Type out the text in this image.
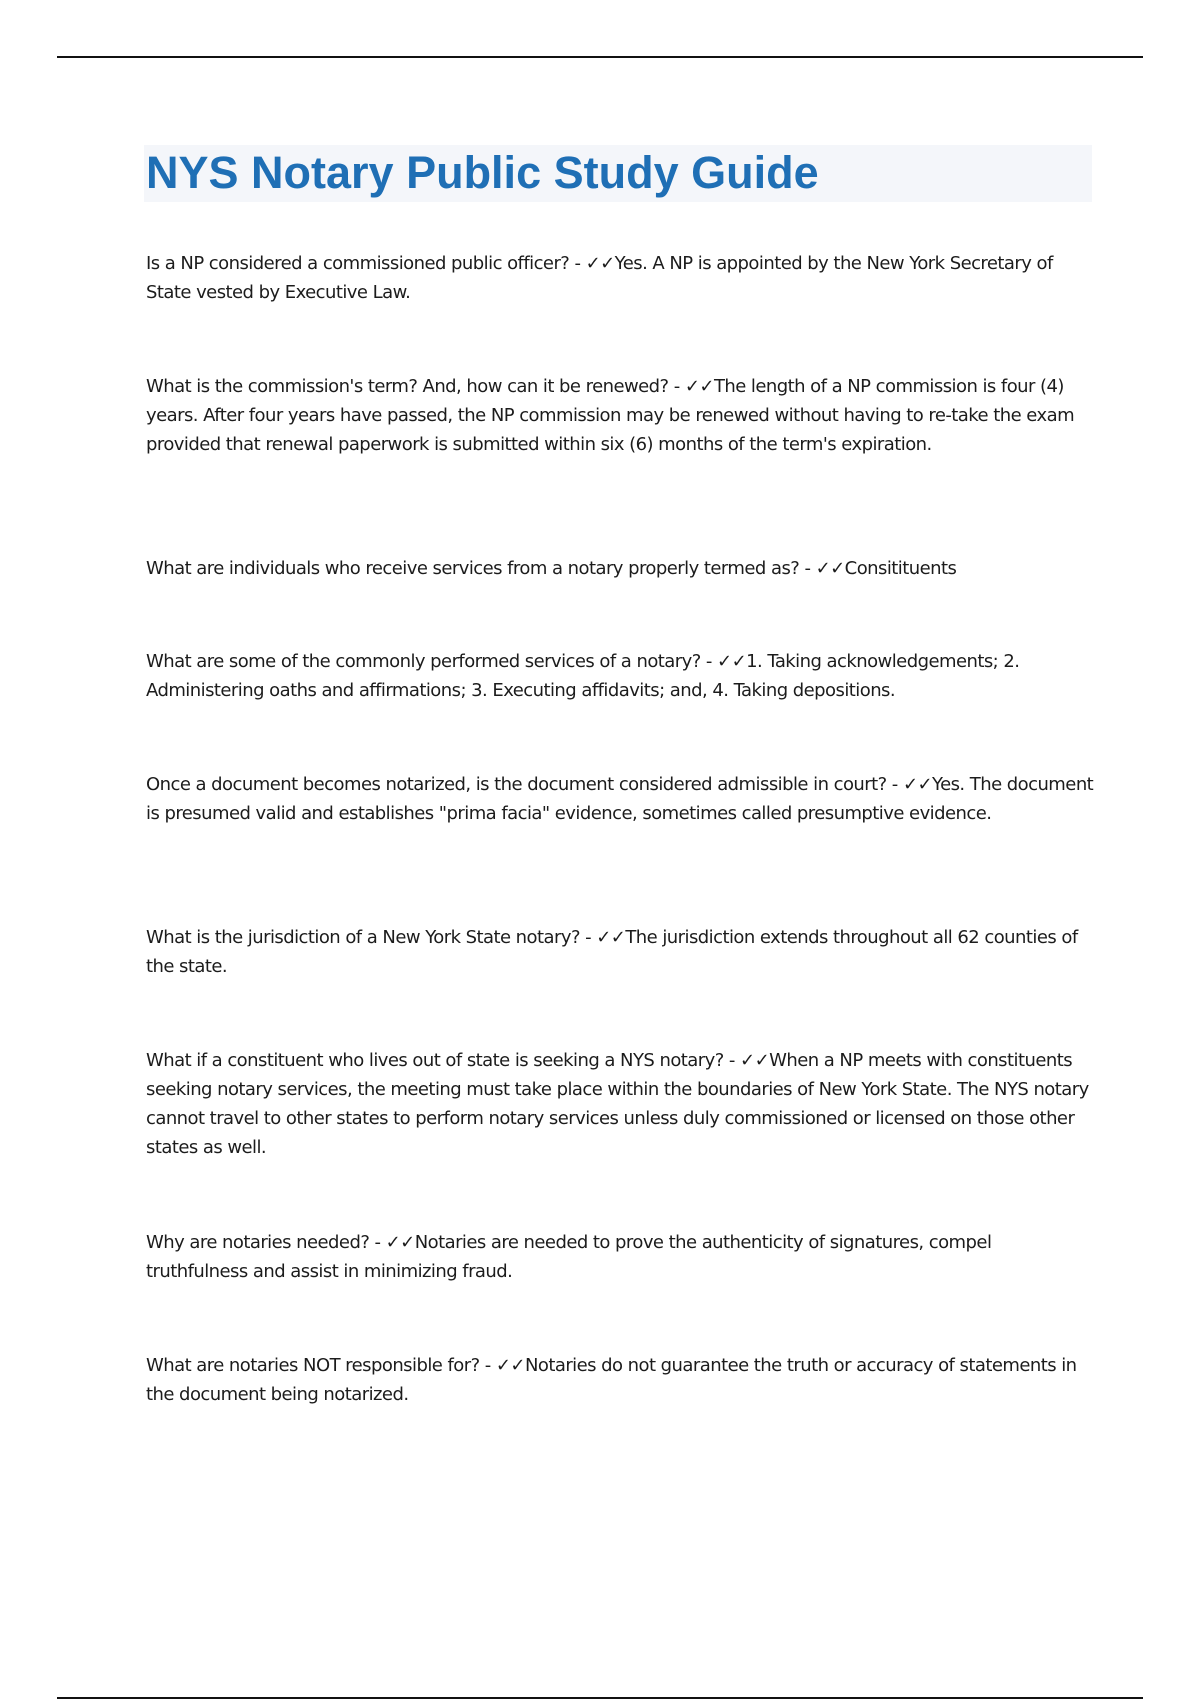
NYS Notary Public Study Guide

Is a NP considered a commissioned public officer? - ✓✓Yes. A NP is appointed by the New York Secretary of State vested by Executive Law.

What is the commission's term? And, how can it be renewed? - ✓✓The length of a NP commission is four (4) years. After four years have passed, the NP commission may be renewed without having to re-take the exam provided that renewal paperwork is submitted within six (6) months of the term's expiration.

What are individuals who receive services from a notary properly termed as? - ✓✓Consitituents

What are some of the commonly performed services of a notary? - ✓✓1. Taking acknowledgements; 2. Administering oaths and affirmations; 3. Executing affidavits; and, 4. Taking depositions.

Once a document becomes notarized, is the document considered admissible in court? - ✓✓Yes. The document is presumed valid and establishes "prima facia" evidence, sometimes called presumptive evidence.

What is the jurisdiction of a New York State notary? - ✓✓The jurisdiction extends throughout all 62 counties of the state.

What if a constituent who lives out of state is seeking a NYS notary? - ✓✓When a NP meets with constituents seeking notary services, the meeting must take place within the boundaries of New York State. The NYS notary cannot travel to other states to perform notary services unless duly commissioned or licensed on those other states as well.

Why are notaries needed? - ✓✓Notaries are needed to prove the authenticity of signatures, compel truthfulness and assist in minimizing fraud.

What are notaries NOT responsible for? - ✓✓Notaries do not guarantee the truth or accuracy of statements in the document being notarized.
